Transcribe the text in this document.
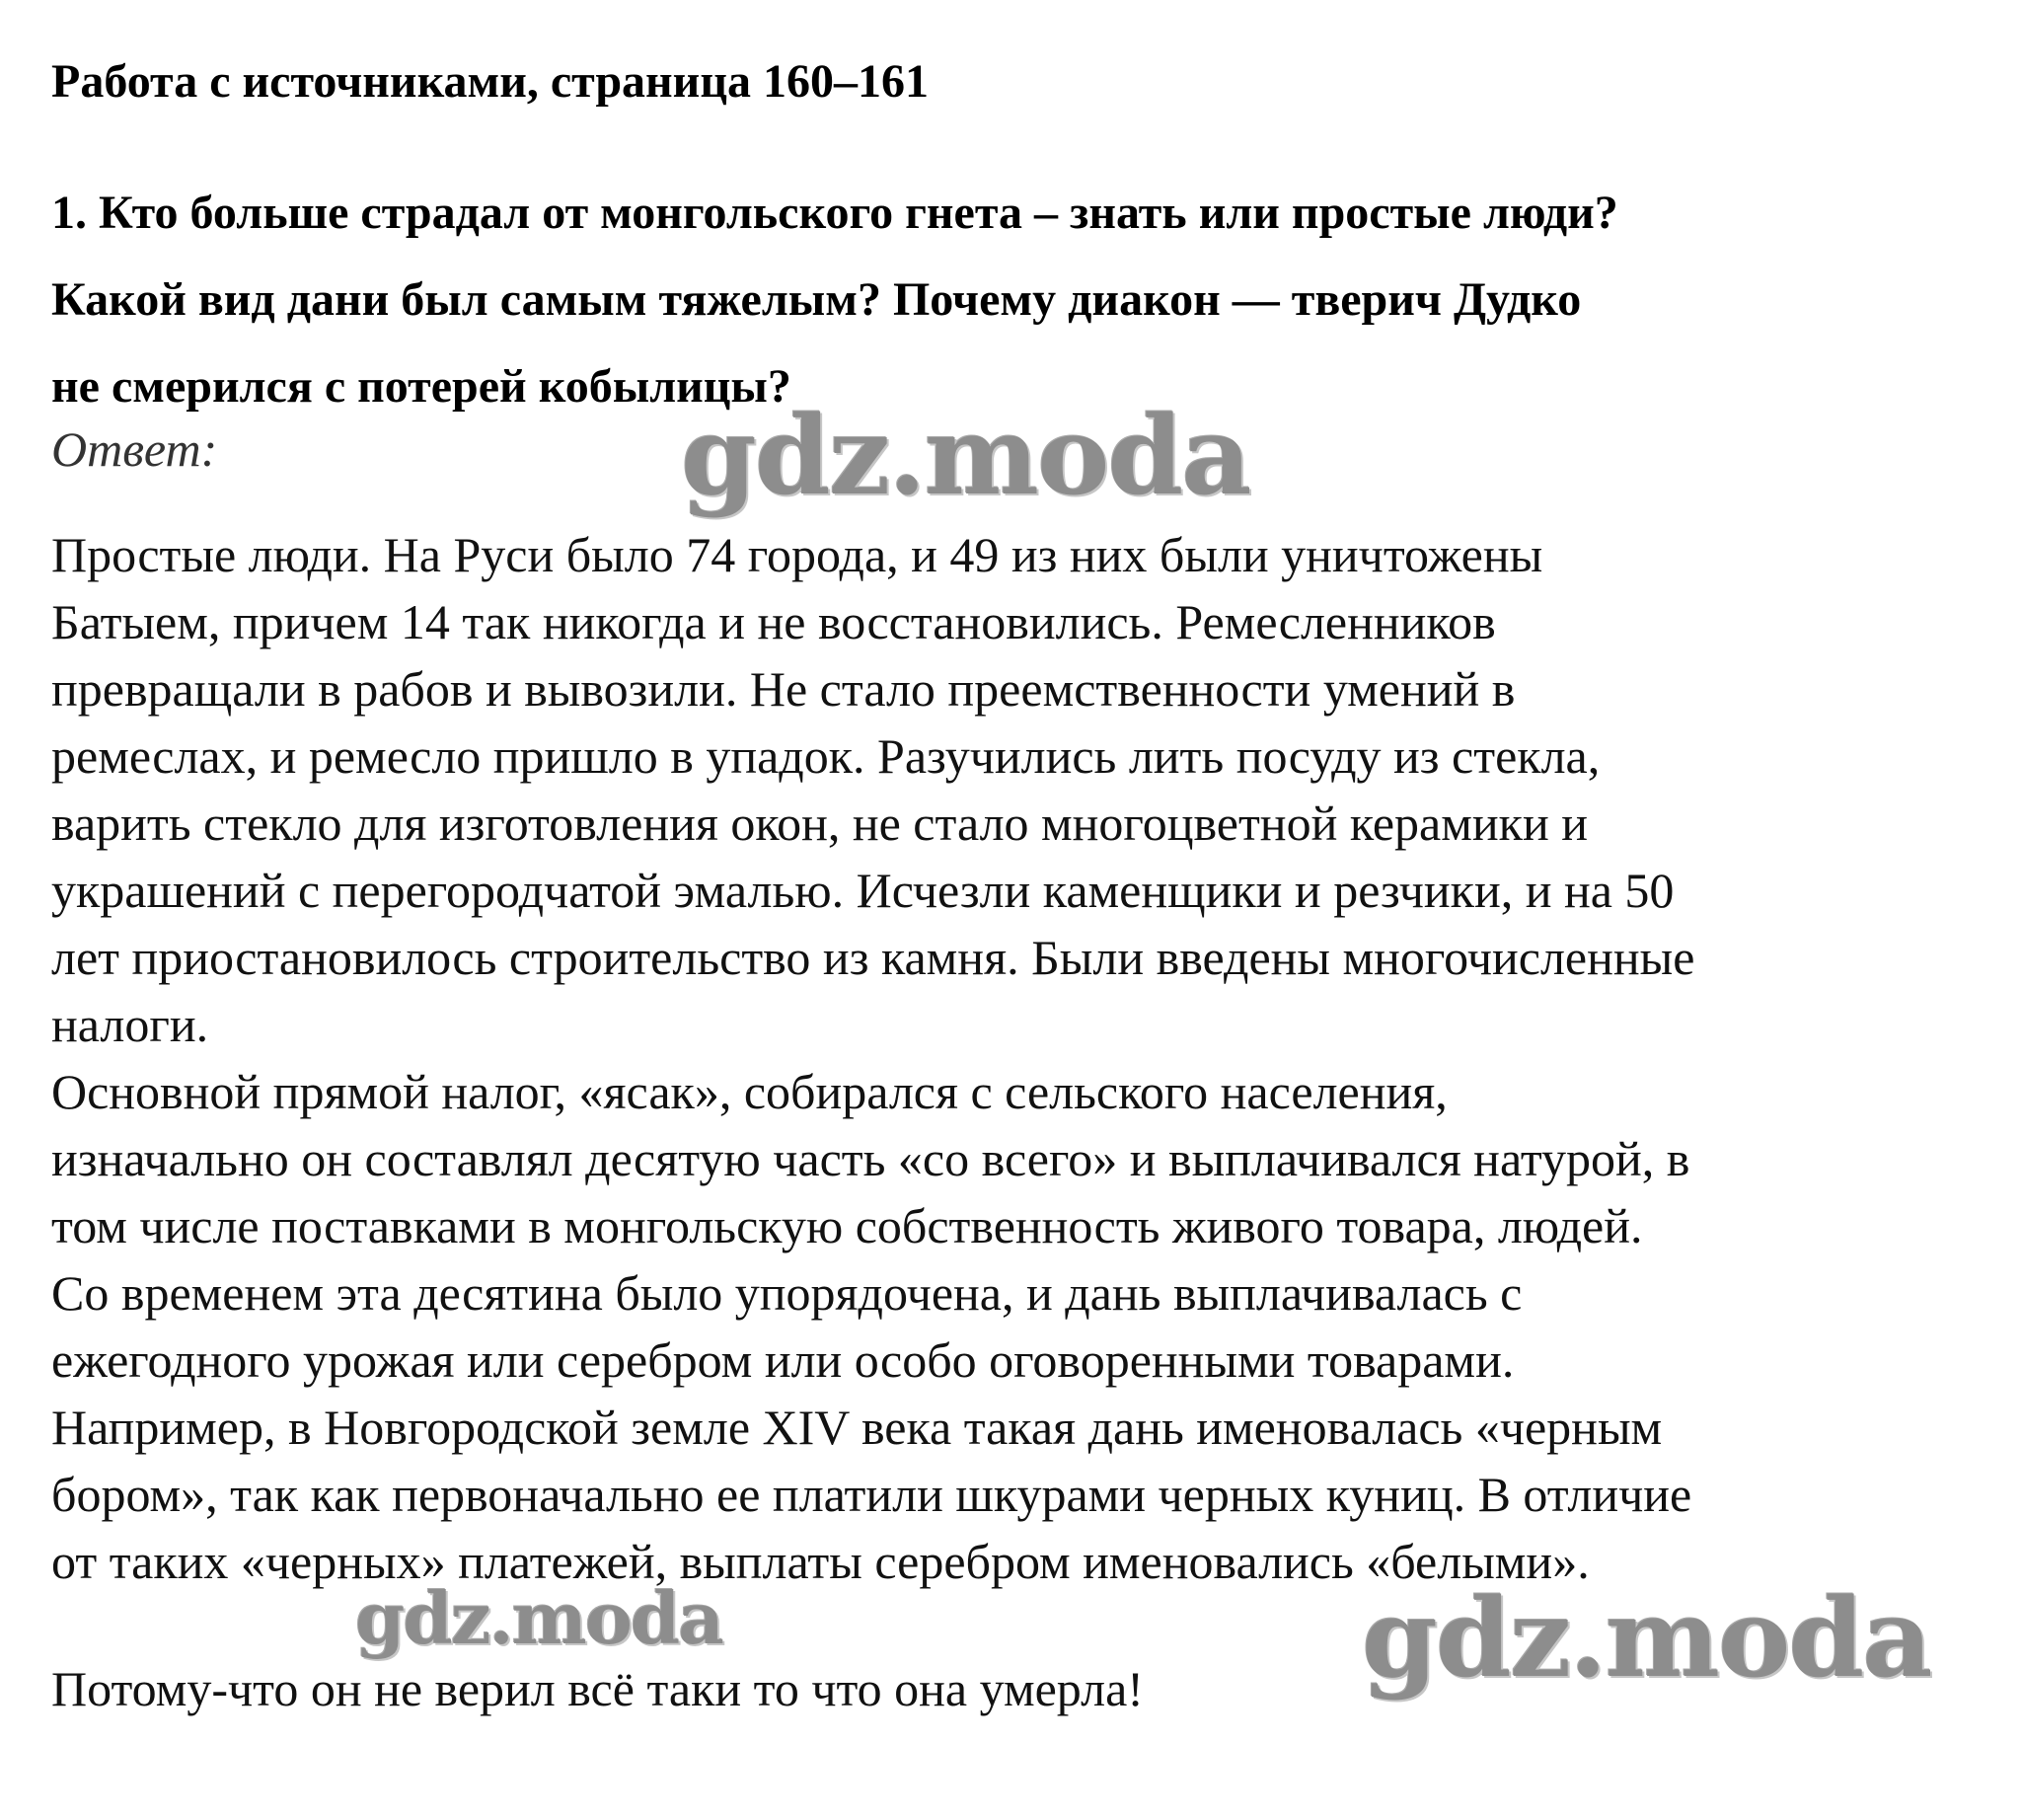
Работа с источниками, страница 160–161
1. Кто больше страдал от монгольского гнета – знать или простые люди?
Какой вид дани был самым тяжелым? Почему диакон — тверич Дудко
не смерился с потерей кобылицы?
Ответ:
Простые люди. На Руси было 74 города, и 49 из них были уничтожены
Батыем, причем 14 так никогда и не восстановились. Ремесленников
превращали в рабов и вывозили. Не стало преемственности умений в
ремеслах, и ремесло пришло в упадок. Разучились лить посуду из стекла,
варить стекло для изготовления окон, не стало многоцветной керамики и
украшений с перегородчатой эмалью. Исчезли каменщики и резчики, и на 50
лет приостановилось строительство из камня. Были введены многочисленные
налоги.
Основной прямой налог, «ясак», собирался с сельского населения,
изначально он составлял десятую часть «со всего» и выплачивался натурой, в
том числе поставками в монгольскую собственность живого товара, людей.
Со временем эта десятина было упорядочена, и дань выплачивалась с
ежегодного урожая или серебром или особо оговоренными товарами.
Например, в Новгородской земле XIV века такая дань именовалась «черным
бором», так как первоначально ее платили шкурами черных куниц. В отличие
от таких «черных» платежей, выплаты серебром именовались «белыми».
Потому-что он не верил всё таки то что она умерла!
gdz.moda
gdz.moda	gdz.moda
